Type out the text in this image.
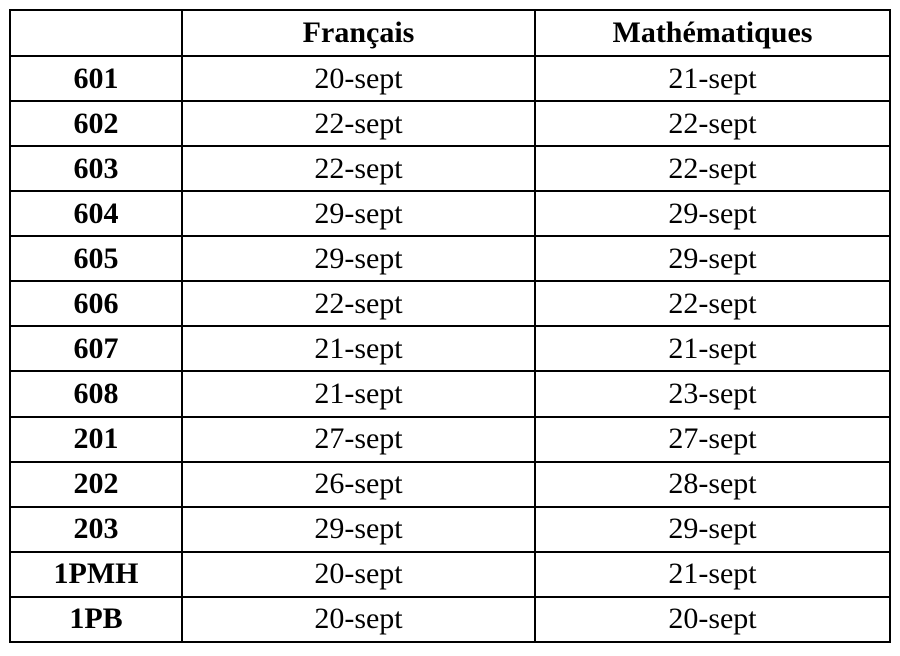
	Français	Mathématiques
601	20-sept	21-sept
602	22-sept	22-sept
603	22-sept	22-sept
604	29-sept	29-sept
605	29-sept	29-sept
606	22-sept	22-sept
607	21-sept	21-sept
608	21-sept	23-sept
201	27-sept	27-sept
202	26-sept	28-sept
203	29-sept	29-sept
1PMH	20-sept	21-sept
1PB	20-sept	20-sept
